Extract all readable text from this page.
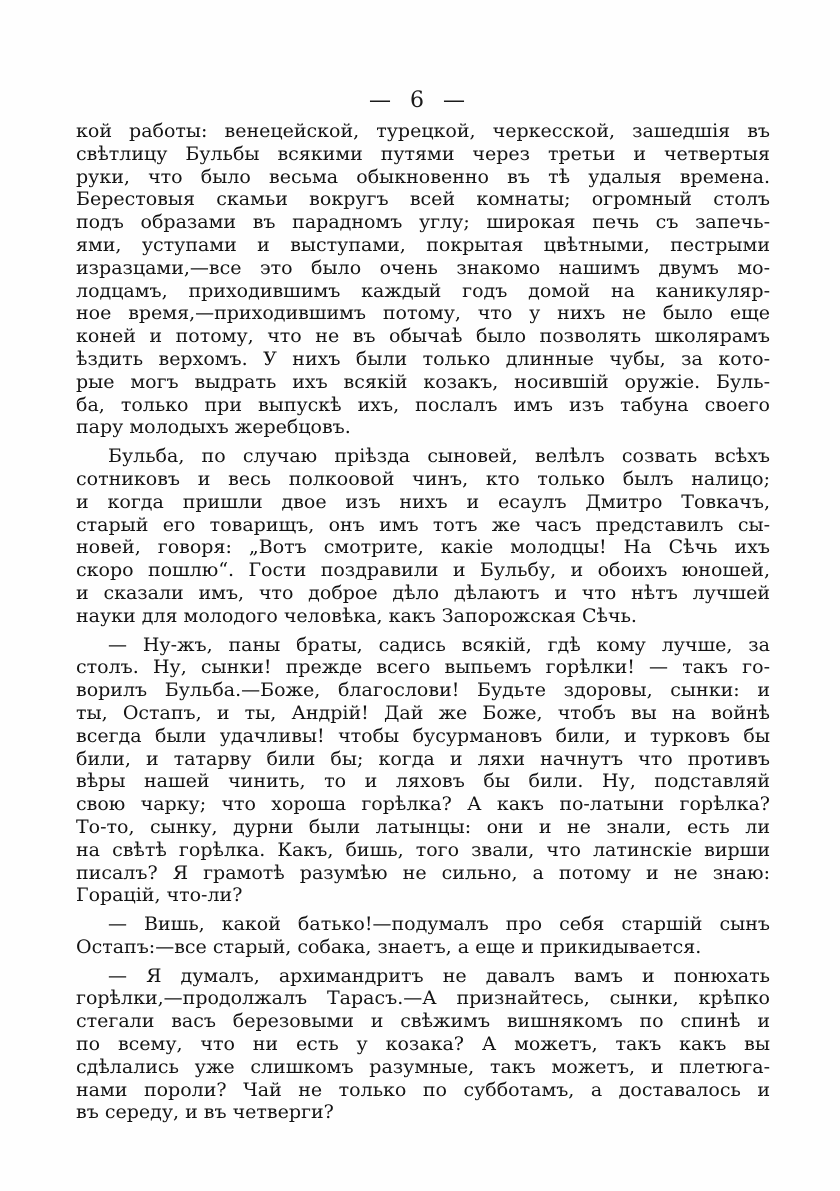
— 6 —
кой работы: венецейской, турецкой, черкесской, зашедшія въ
свѣтлицу Бульбы всякими путями через третьи и четвертыя
руки, что было весьма обыкновенно въ тѣ удалыя времена.
Берестовыя скамьи вокругъ всей комнаты; огромный столъ
подъ образами въ парадномъ углу; широкая печь съ запечь-
ями, уступами и выступами, покрытая цвѣтными, пестрыми
изразцами,—все это было очень знакомо нашимъ двумъ мо-
лодцамъ, приходившимъ каждый годъ домой на каникуляр-
ное время,—приходившимъ потому, что у нихъ не было еще
коней и потому, что не въ обычаѣ было позволять школярамъ
ѣздить верхомъ. У нихъ были только длинные чубы, за кото-
рые могъ выдрать ихъ всякій козакъ, носившій оружіе. Буль-
ба, только при выпускѣ ихъ, послалъ имъ изъ табуна своего
пару молодыхъ жеребцовъ.
Бульба, по случаю пріѣзда сыновей, велѣлъ созвать всѣхъ
сотниковъ и весь полкоовой чинъ, кто только былъ налицо;
и когда пришли двое изъ нихъ и есаулъ Дмитро Товкачъ,
старый его товарищъ, онъ имъ тотъ же часъ представилъ сы-
новей, говоря: „Вотъ смотрите, какіе молодцы! На Сѣчь ихъ
скоро пошлю“. Гости поздравили и Бульбу, и обоихъ юношей,
и сказали имъ, что доброе дѣло дѣлаютъ и что нѣтъ лучшей
науки для молодого человѣка, какъ Запорожская Сѣчь.
— Ну-жъ, паны браты, садись всякій, гдѣ кому лучше, за
столъ. Ну, сынки! прежде всего выпьемъ горѣлки! — такъ го-
ворилъ Бульба.—Боже, благослови! Будьте здоровы, сынки: и
ты, Остапъ, и ты, Андрій! Дай же Боже, чтобъ вы на войнѣ
всегда были удачливы! чтобы бусурмановъ били, и турковъ бы
били, и татарву били бы; когда и ляхи начнутъ что противъ
вѣры нашей чинить, то и ляховъ бы били. Ну, подставляй
свою чарку; что хороша горѣлка? А какъ по-латыни горѣлка?
То-то, сынку, дурни были латынцы: они и не знали, есть ли
на свѣтѣ горѣлка. Какъ, бишь, того звали, что латинскіе вирши
писалъ? Я грамотѣ разумѣю не сильно, а потому и не знаю:
Горацій, что-ли?
— Вишь, какой батько!—подумалъ про себя старшій сынъ
Остапъ:—все старый, собака, знаетъ, а еще и прикидывается.
— Я думалъ, архимандритъ не давалъ вамъ и понюхать
горѣлки,—продолжалъ Тарасъ.—А признайтесь, сынки, крѣпко
стегали васъ березовыми и свѣжимъ вишнякомъ по спинѣ и
по всему, что ни есть у козака? А можетъ, такъ какъ вы
сдѣлались уже слишкомъ разумные, такъ можетъ, и плетюга-
нами пороли? Чай не только по субботамъ, а доставалось и
въ середу, и въ четверги?
